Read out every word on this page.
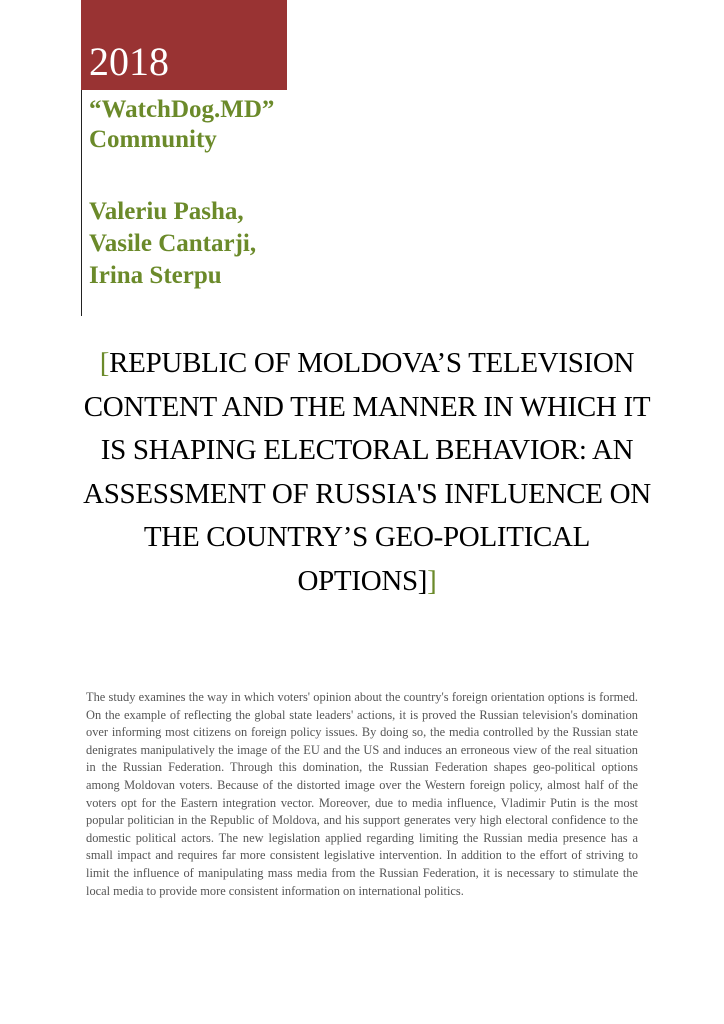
2018
“WatchDog.MD”
Community
Valeriu Pasha,
Vasile Cantarji,
Irina Sterpu
[REPUBLIC OF MOLDOVA’S TELEVISION CONTENT AND THE MANNER IN WHICH IT IS SHAPING ELECTORAL BEHAVIOR: AN ASSESSMENT OF RUSSIA'S INFLUENCE ON THE COUNTRY’S GEO-POLITICAL OPTIONS]]

The study examines the way in which voters' opinion about the country's foreign orientation options is formed. On the example of reflecting the global state leaders' actions, it is proved the Russian television's domination over informing most citizens on foreign policy issues. By doing so, the media controlled by the Russian state denigrates manipulatively the image of the EU and the US and induces an erroneous view of the real situation in the Russian Federation. Through this domination, the Russian Federation shapes geo-political options among Moldovan voters. Because of the distorted image over the Western foreign policy, almost half of the voters opt for the Eastern integration vector. Moreover, due to media influence, Vladimir Putin is the most popular politician in the Republic of Moldova, and his support generates very high electoral confidence to the domestic political actors. The new legislation applied regarding limiting the Russian media presence has a small impact and requires far more consistent legislative intervention. In addition to the effort of striving to limit the influence of manipulating mass media from the Russian Federation, it is necessary to stimulate the local media to provide more consistent information on international politics.
